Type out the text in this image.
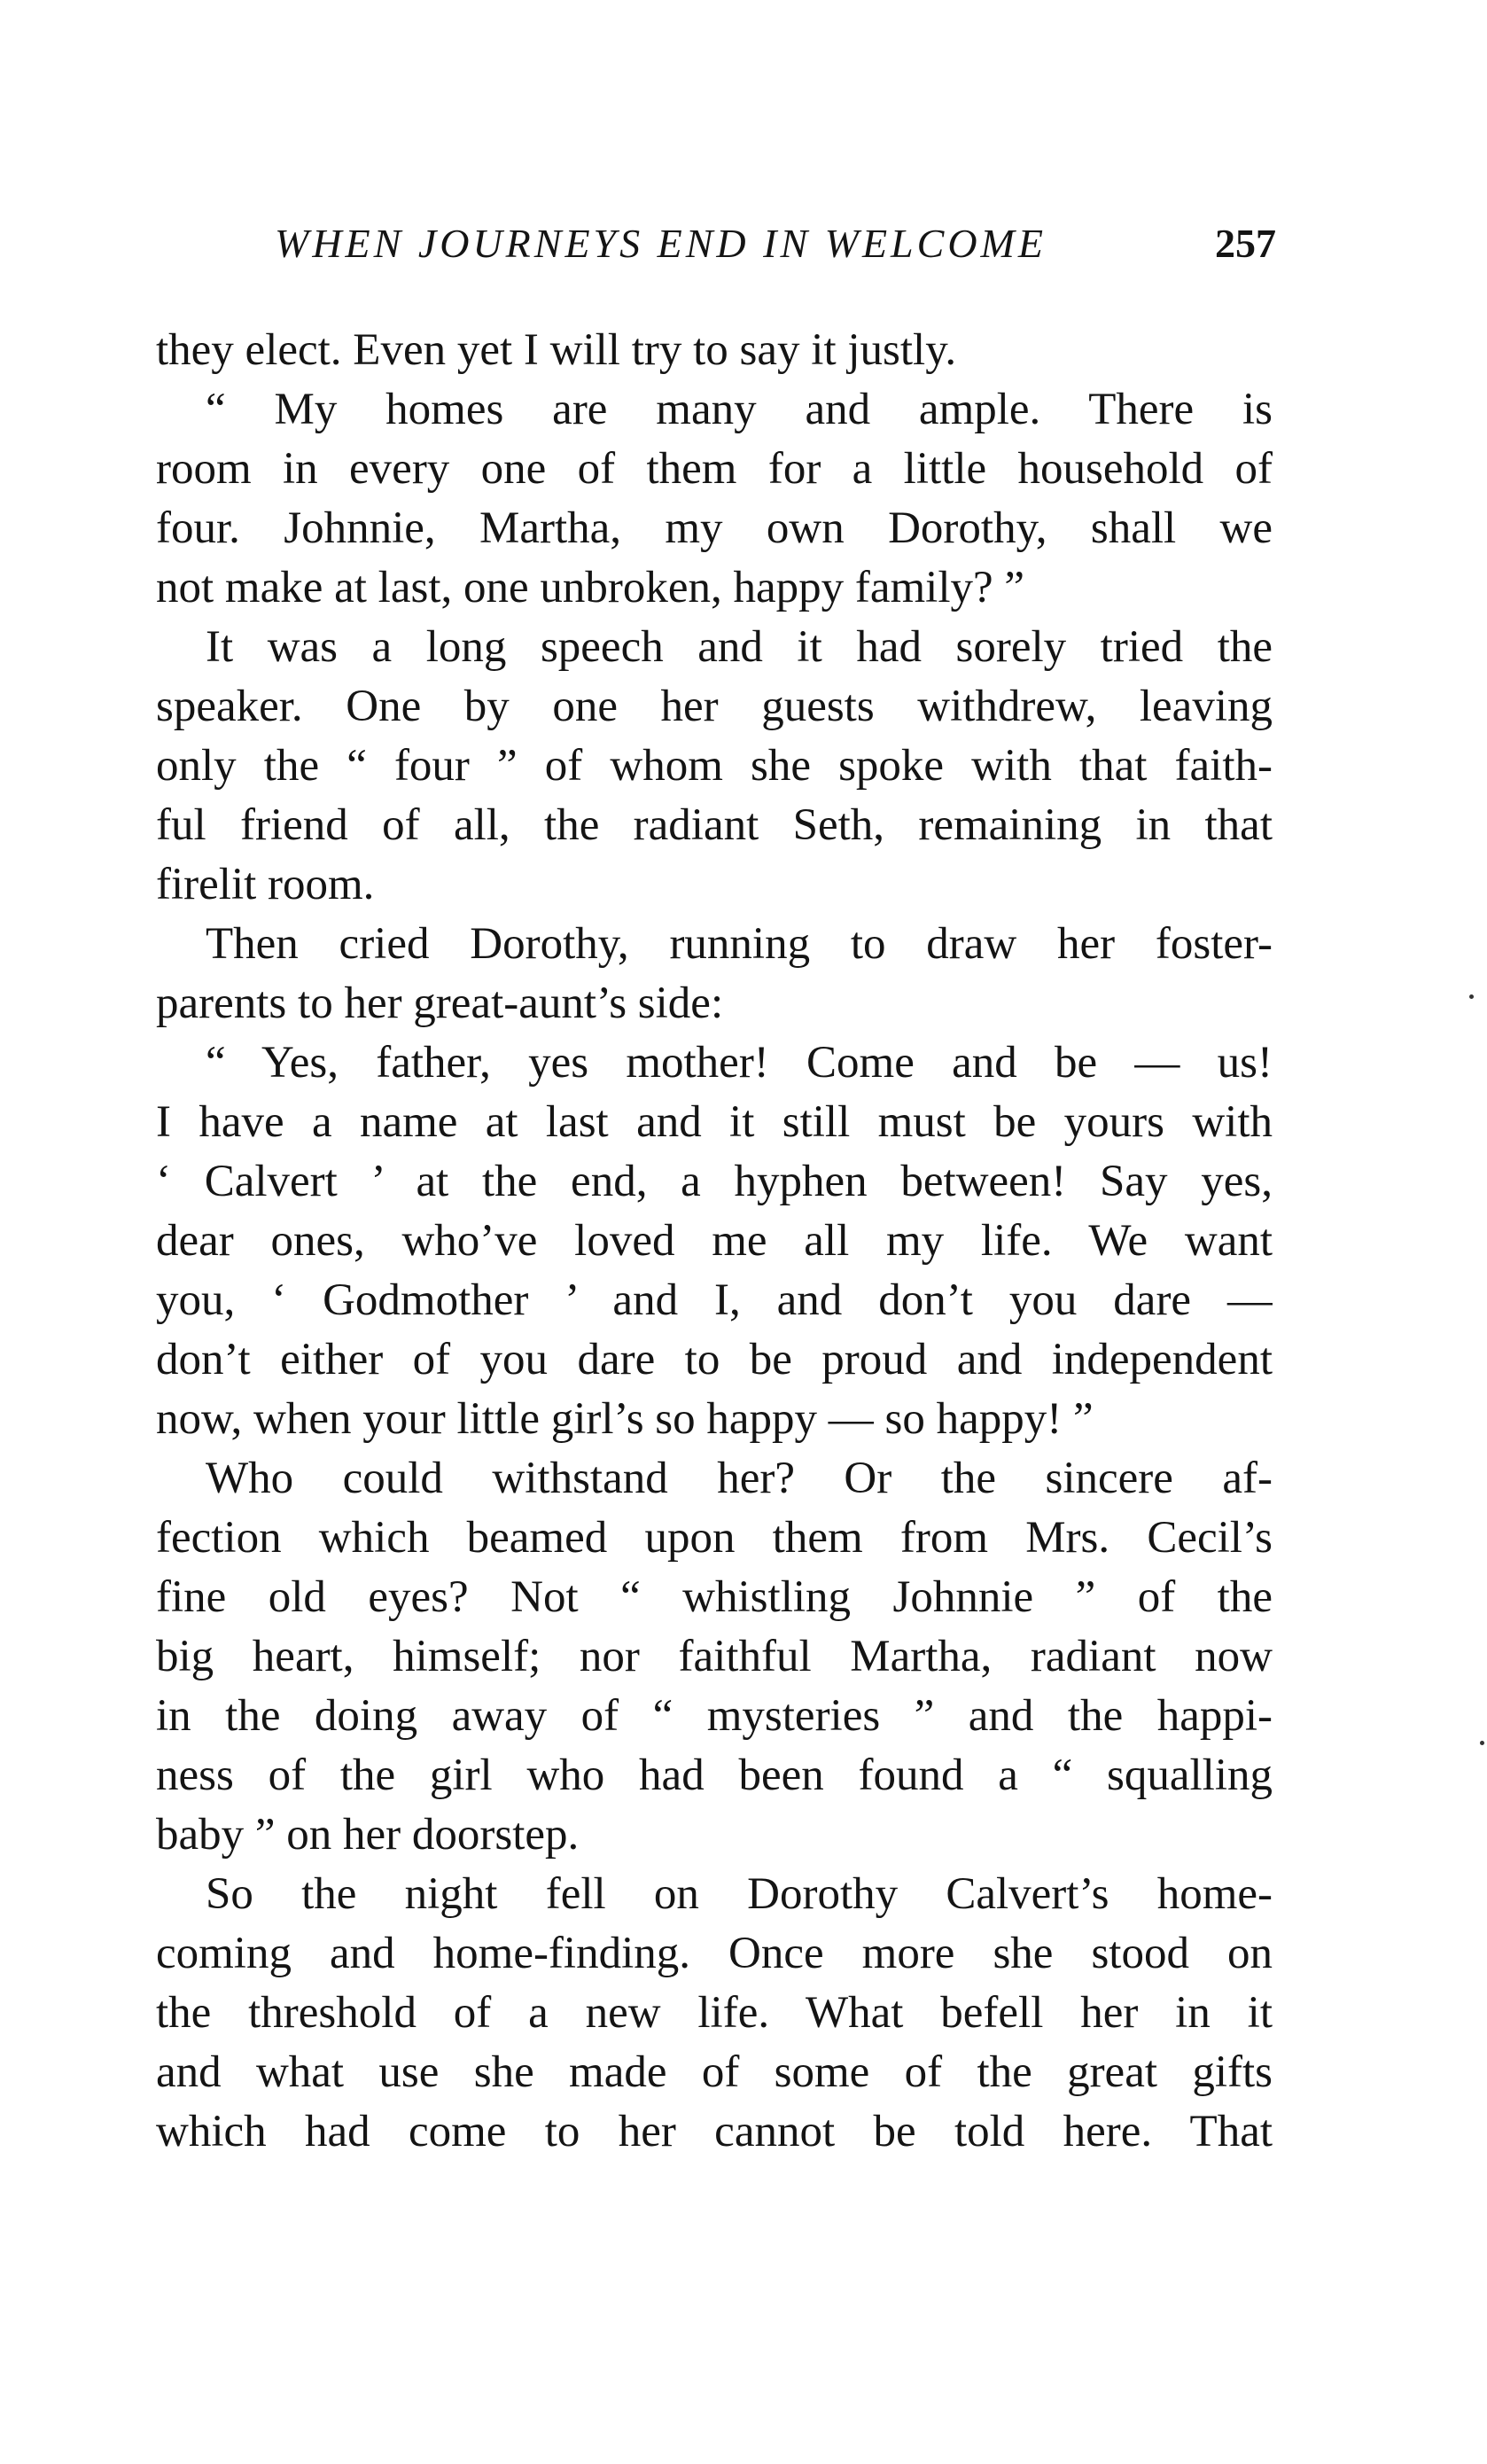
WHEN JOURNEYS END IN WELCOME	257
they elect. Even yet I will try to say it justly.
“ My homes are many and ample. There is
room in every one of them for a little household of
four. Johnnie, Martha, my own Dorothy, shall we
not make at last, one unbroken, happy family? ”
It was a long speech and it had sorely tried the
speaker. One by one her guests withdrew, leaving
only the “ four ” of whom she spoke with that faith-
ful friend of all, the radiant Seth, remaining in that
firelit room.
Then cried Dorothy, running to draw her foster-
parents to her great-aunt’s side:
“ Yes, father, yes mother! Come and be — us!
I have a name at last and it still must be yours with
‘ Calvert ’ at the end, a hyphen between! Say yes,
dear ones, who’ve loved me all my life. We want
you, ‘ Godmother ’ and I, and don’t you dare —
don’t either of you dare to be proud and independent
now, when your little girl’s so happy — so happy! ”
Who could withstand her? Or the sincere af-
fection which beamed upon them from Mrs. Cecil’s
fine old eyes? Not “ whistling Johnnie ” of the
big heart, himself; nor faithful Martha, radiant now
in the doing away of “ mysteries ” and the happi-
ness of the girl who had been found a “ squalling
baby ” on her doorstep.
So the night fell on Dorothy Calvert’s home-
coming and home-finding. Once more she stood on
the threshold of a new life. What befell her in it
and what use she made of some of the great gifts
which had come to her cannot be told here. That
